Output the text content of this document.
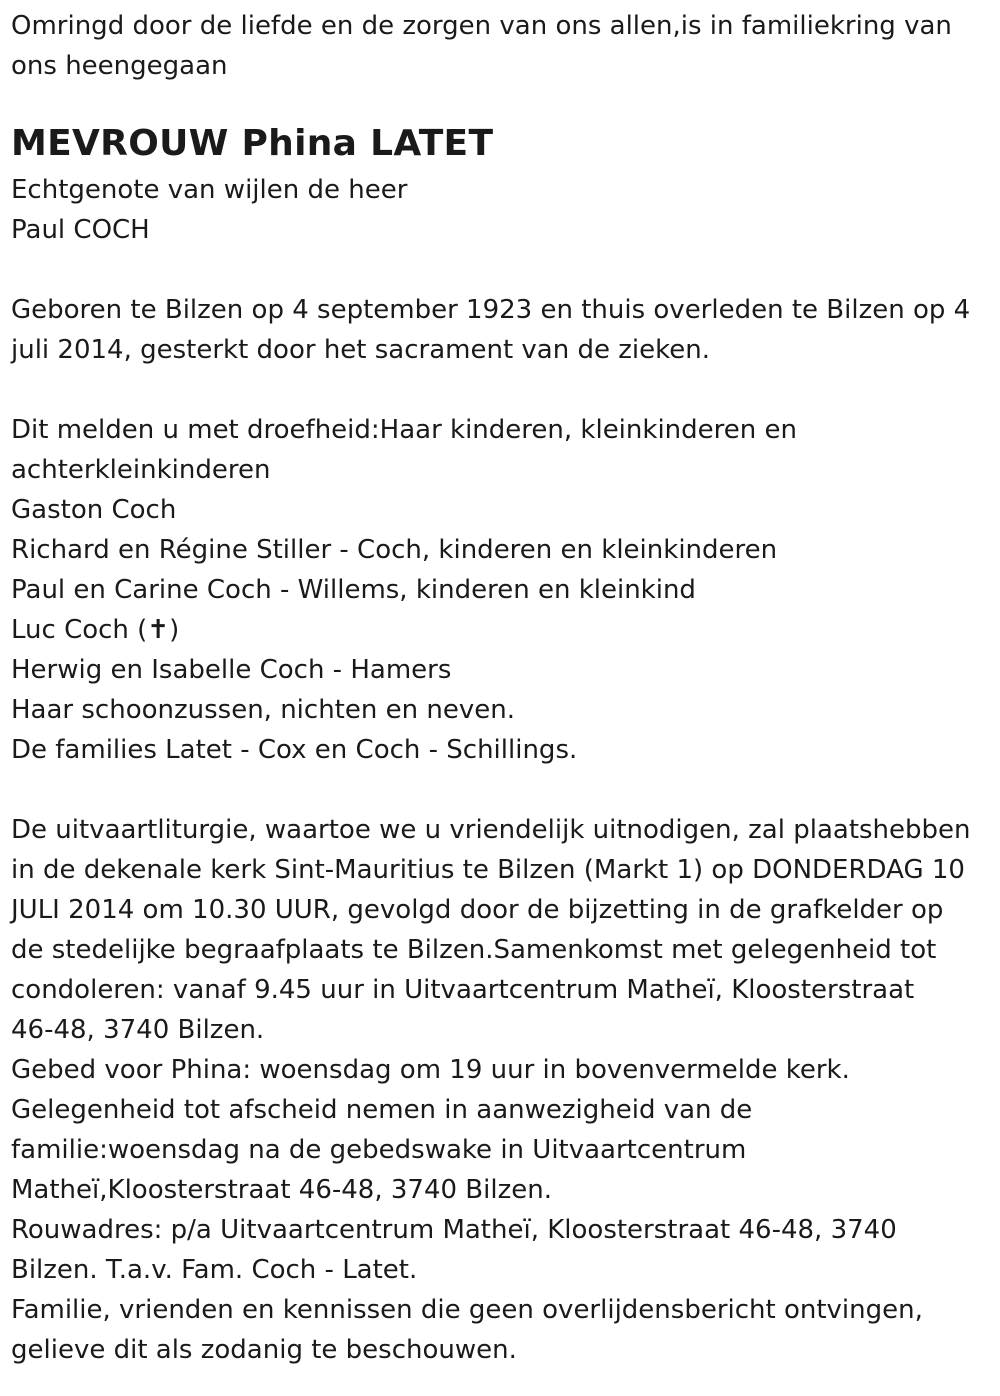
Omringd door de liefde en de zorgen van ons allen,is in familiekring van
ons heengegaan
MEVROUW Phina LATET
Echtgenote van wijlen de heer
Paul COCH
Geboren te Bilzen op 4 september 1923 en thuis overleden te Bilzen op 4
juli 2014, gesterkt door het sacrament van de zieken.
Dit melden u met droefheid:Haar kinderen, kleinkinderen en
achterkleinkinderen
Gaston Coch
Richard en Régine Stiller - Coch, kinderen en kleinkinderen
Paul en Carine Coch - Willems, kinderen en kleinkind
Luc Coch (✝)
Herwig en Isabelle Coch - Hamers
Haar schoonzussen, nichten en neven.
De families Latet - Cox en Coch - Schillings.
De uitvaartliturgie, waartoe we u vriendelijk uitnodigen, zal plaatshebben
in de dekenale kerk Sint-Mauritius te Bilzen (Markt 1) op DONDERDAG 10
JULI 2014 om 10.30 UUR, gevolgd door de bijzetting in de grafkelder op
de stedelijke begraafplaats te Bilzen.Samenkomst met gelegenheid tot
condoleren: vanaf 9.45 uur in Uitvaartcentrum Matheï, Kloosterstraat
46-48, 3740 Bilzen.
Gebed voor Phina: woensdag om 19 uur in bovenvermelde kerk.
Gelegenheid tot afscheid nemen in aanwezigheid van de
familie:woensdag na de gebedswake in Uitvaartcentrum
Matheï,Kloosterstraat 46-48, 3740 Bilzen.
Rouwadres: p/a Uitvaartcentrum Matheï, Kloosterstraat 46-48, 3740
Bilzen. T.a.v. Fam. Coch - Latet.
Familie, vrienden en kennissen die geen overlijdensbericht ontvingen,
gelieve dit als zodanig te beschouwen.
